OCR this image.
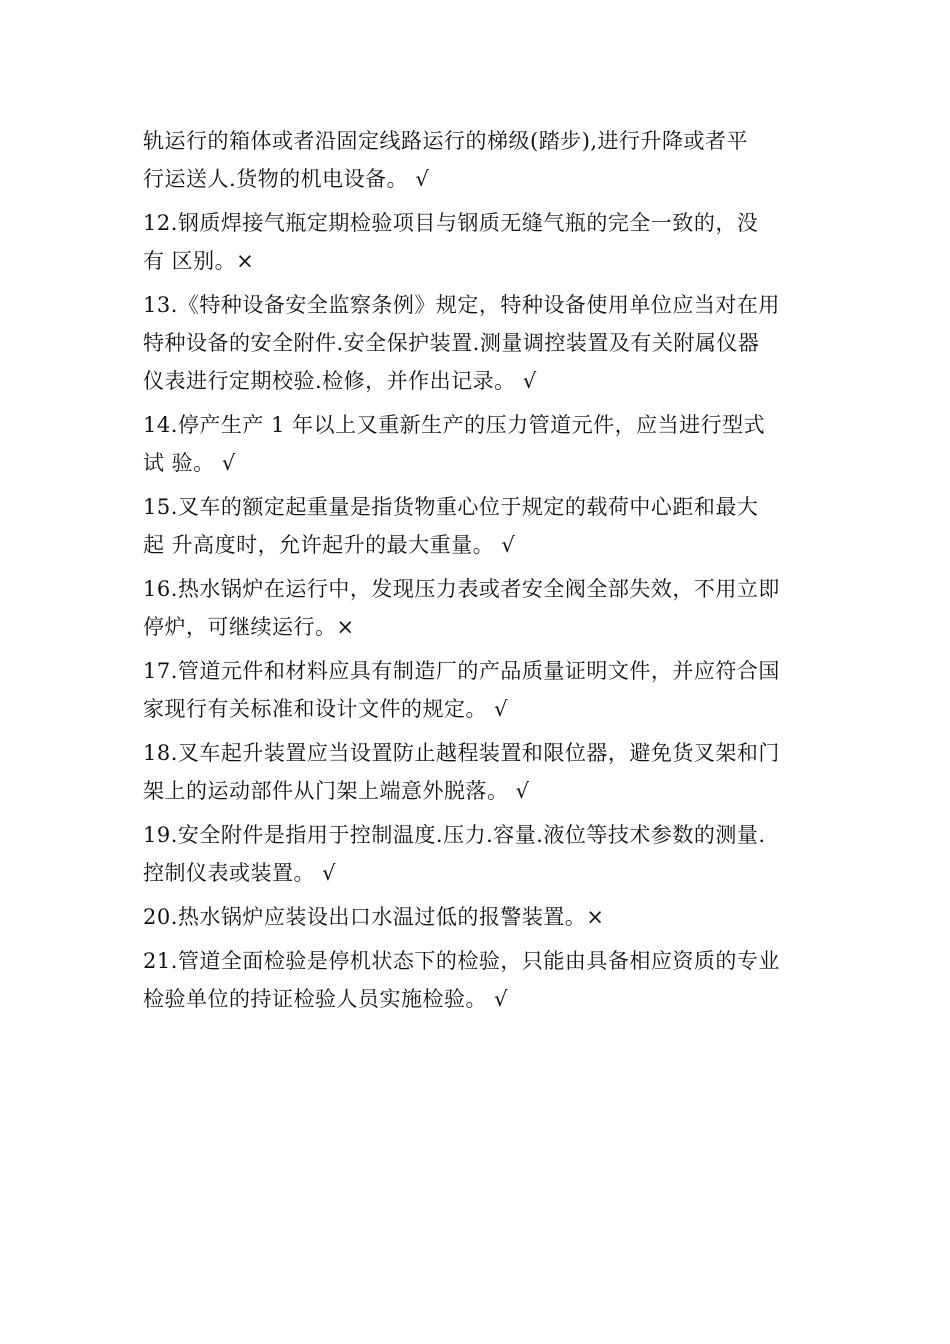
轨运行的箱体或者沿固定线路运行的梯级(踏步),进行升降或者平
行运送人.货物的机电设备。 √
12.钢质焊接气瓶定期检验项目与钢质无缝气瓶的完全一致的，没
有 区别。×
13.《特种设备安全监察条例》规定，特种设备使用单位应当对在用
特种设备的安全附件.安全保护装置.测量调控装置及有关附属仪器
仪表进行定期校验.检修，并作出记录。 √
14.停产生产 1 年以上又重新生产的压力管道元件，应当进行型式
试 验。 √
15.叉车的额定起重量是指货物重心位于规定的载荷中心距和最大
起 升高度时，允许起升的最大重量。 √
16.热水锅炉在运行中，发现压力表或者安全阀全部失效，不用立即
停炉，可继续运行。×
17.管道元件和材料应具有制造厂的产品质量证明文件，并应符合国
家现行有关标准和设计文件的规定。 √
18.叉车起升装置应当设置防止越程装置和限位器，避免货叉架和门
架上的运动部件从门架上端意外脱落。 √
19.安全附件是指用于控制温度.压力.容量.液位等技术参数的测量.
控制仪表或装置。 √
20.热水锅炉应装设出口水温过低的报警装置。×
21.管道全面检验是停机状态下的检验，只能由具备相应资质的专业
检验单位的持证检验人员实施检验。 √
